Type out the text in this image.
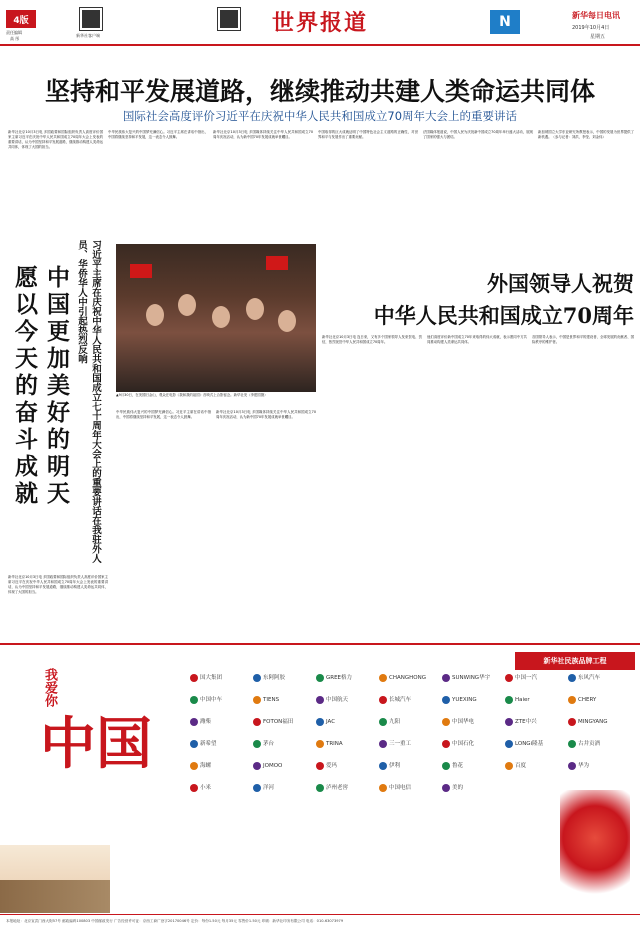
4版
责任编辑
高 彤
新华社客户端	世界报道	N	新华每日电讯
2019年10月4日
星期五
坚持和平发展道路，继续推动共建人类命运共同体
国际社会高度评价习近平在庆祝中华人民共和国成立70周年大会上的重要讲话
新华社北京10月3日电 多国政要和国际组织负责人高度评价国家主席习近平在庆祝中华人民共和国成立70周年大会上发表的重要讲话，认为中国坚持和平发展道路，继续推动构建人类命运共同体，体现了大国的担当。
中华民族伟大复兴的中国梦充满信心。习近平主席在讲话中指出，中国将继续坚持和平发展，这一表态令人鼓舞。
新华社北京10月3日电 多国媒体持续关注中华人民共和国成立70周年庆祝活动，认为新中国70年发展成就举世瞩目。
中国取得的巨大成就证明了中国特色社会主义道路的正确性，对世界和平与发展作出了重要贡献。
法国媒体报道说，中国人民为庆祝新中国成立70周年举行盛大活动，展现了国家的强大与团结。
新加坡国立大学东亚研究所教授表示，中国的发展为世界提供了新机遇。（参与记者：刘洪、李莹、刘金伟）
愿以今天的奋斗成就 中国更加美好的明天	习近平主席在庆祝中华人民共和国成立七十周年大会上的重要讲话在我驻外人员、华侨华人中引起热烈反响
▲9月30日，在美国旧金山，观众在电影《我和我的祖国》首映式上合影留念。新华社发（李建国摄）
新华社北京10月3日电 多国政要和国际组织负责人高度评价国家主席习近平在庆祝中华人民共和国成立70周年大会上发表的重要讲话，认为中国坚持和平发展道路，继续推动构建人类命运共同体，体现了大国的担当。
中华民族伟大复兴的中国梦充满信心。习近平主席在讲话中指出，中国将继续坚持和平发展，这一表态令人鼓舞。
新华社北京10月3日电 多国媒体持续关注中华人民共和国成立70周年庆祝活动，认为新中国70年发展成就举世瞩目。
外国领导人祝贺
中华人民共和国成立70周年
新华社北京10月3日电 连日来，又有多个国家领导人发来贺电、贺信，热烈祝贺中华人民共和国成立70周年。
他们高度评价新中国成立70年来取得的伟大成就，表示愿同中方共同推动构建人类命运共同体。
各国领导人表示，中国是世界和平的建设者、全球发展的贡献者、国际秩序的维护者。
我爱你
中国
新华社民族品牌工程
国大集团	东阿阿胶	GREE格力	CHANGHONG	SUNWING华宇	中国一汽	东风汽车
中国中车	TIENS	中国航天	长城汽车	YUEXING	Haier	CHERY
潍柴	FOTON福田	JAC	九阳	中国华电	ZTE中兴	MINGYANG
新希望	茅台	TRINA	三一重工	中国石化	LONGi隆基	古井贡酒
海螺	JOMOO	爱玛	伊利	鲁花	百度	华为
小米	洋河	泸州老窖	中国电信	美的
本报地址：北京宣武门西大街57号 邮政编码100803 中国邮政发行 广告经营许可证：京西工商广登字20170046号 定价：每份1.50元 每月35元 零售价1.50元 印刷：新华社印务有限公司 电话：010-63073979
